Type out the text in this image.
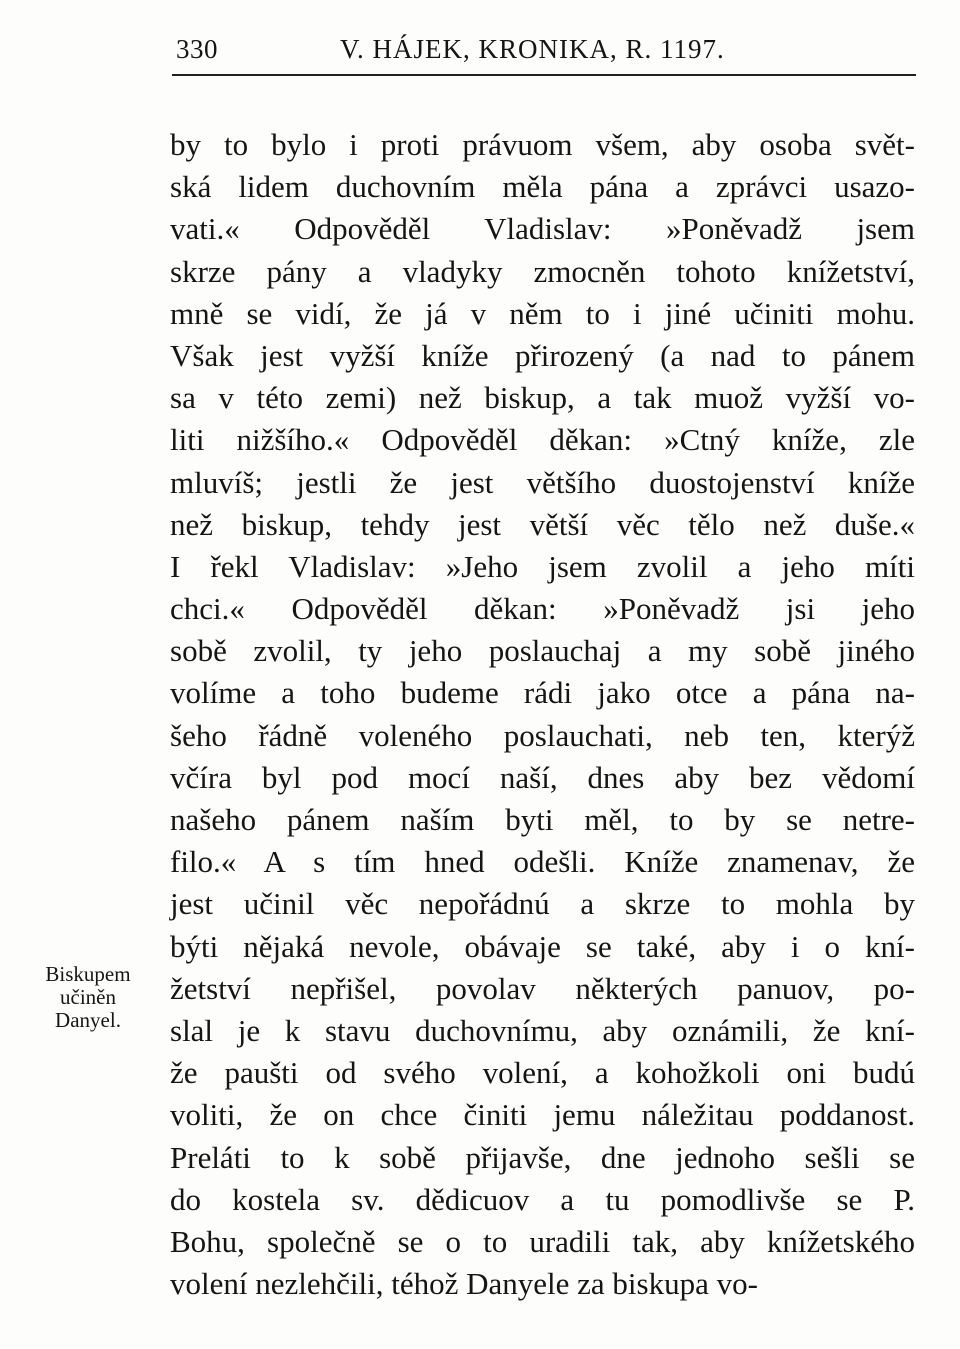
330	V. HÁJEK, KRONIKA, R. 1197.
by to bylo i proti právuom všem, aby osoba svět-
ská lidem duchovním měla pána a zprávci usazo-
vati.« Odpověděl Vladislav: »Poněvadž jsem
skrze pány a vladyky zmocněn tohoto knížetství,
mně se vidí, že já v něm to i jiné učiniti mohu.
Však jest vyžší kníže přirozený (a nad to pánem
sa v této zemi) než biskup, a tak muož vyžší vo-
liti nižšího.« Odpověděl děkan: »Ctný kníže, zle
mluvíš; jestli že jest většího duostojenství kníže
než biskup, tehdy jest větší věc tělo než duše.«
I řekl Vladislav: »Jeho jsem zvolil a jeho míti
chci.« Odpověděl děkan: »Poněvadž jsi jeho
sobě zvolil, ty jeho poslauchaj a my sobě jiného
volíme a toho budeme rádi jako otce a pána na-
šeho řádně voleného poslauchati, neb ten, kterýž
včíra byl pod mocí naší, dnes aby bez vědomí
našeho pánem naším byti měl, to by se netre-
filo.« A s tím hned odešli. Kníže znamenav, že
jest učinil věc nepořádnú a skrze to mohla by
býti nějaká nevole, obávaje se také, aby i o kní-
žetství nepřišel, povolav některých panuov, po-
slal je k stavu duchovnímu, aby oznámili, že kní-
že paušti od svého volení, a kohožkoli oni budú
voliti, že on chce činiti jemu náležitau poddanost.
Preláti to k sobě přijavše, dne jednoho sešli se
do kostela sv. dědicuov a tu pomodlivše se P.
Bohu, společně se o to uradili tak, aby knížetského
volení nezlehčili, téhož Danyele za biskupa vo-
Biskupem
učiněn
Danyel.
